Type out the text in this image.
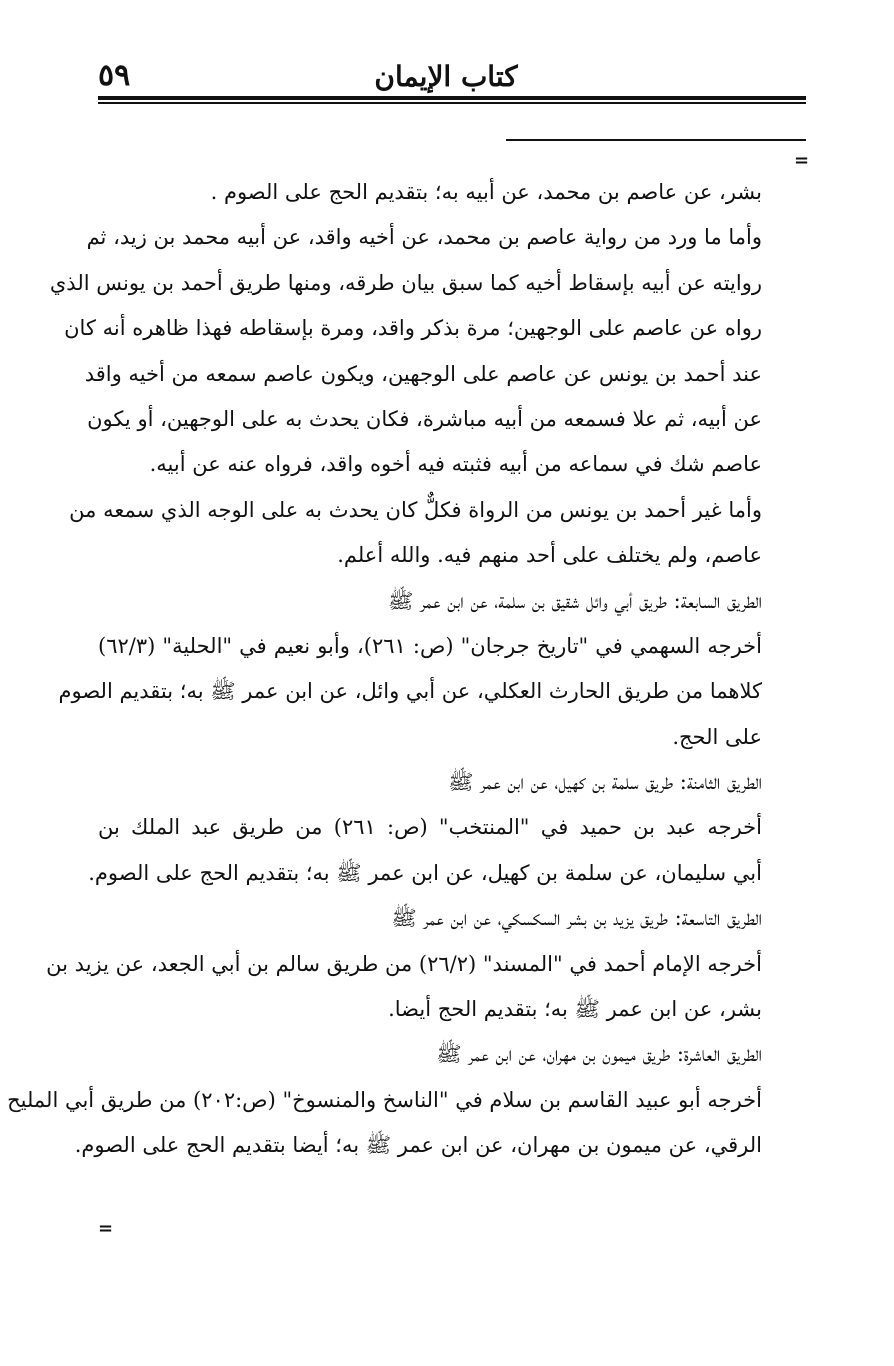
٥٩	كتاب الإيمان
=
بشر، عن عاصم بن محمد، عن أبيه به؛ بتقديم الحج على الصوم .
وأما ما ورد من رواية عاصم بن محمد، عن أخيه واقد، عن أبيه محمد بن زيد، ثم
روايته عن أبيه بإسقاط أخيه كما سبق بيان طرقه، ومنها طريق أحمد بن يونس الذي
رواه عن عاصم على الوجهين؛ مرة بذكر واقد، ومرة بإسقاطه فهذا ظاهره أنه كان
عند أحمد بن يونس عن عاصم على الوجهين، ويكون عاصم سمعه من أخيه واقد
عن أبيه، ثم علا فسمعه من أبيه مباشرة، فكان يحدث به على الوجهين، أو يكون
عاصم شك في سماعه من أبيه فثبته فيه أخوه واقد، فرواه عنه عن أبيه.
وأما غير أحمد بن يونس من الرواة فكلٌّ كان يحدث به على الوجه الذي سمعه من
عاصم، ولم يختلف على أحد منهم فيه. والله أعلم.
الطريق السابعة: طريق أبي وائل شقيق بن سلمة، عن ابن عمر ﷺ
أخرجه السهمي في "تاريخ جرجان" (ص: ٢٦١)، وأبو نعيم في "الحلية" (٦٢/٣)
كلاهما من طريق الحارث العكلي، عن أبي وائل، عن ابن عمر ﷺ به؛ بتقديم الصوم
على الحج.
الطريق الثامنة: طريق سلمة بن كهيل، عن ابن عمر ﷺ
أخرجه عبد بن حميد في "المنتخب" (ص: ٢٦١) من طريق عبد الملك بن
أبي سليمان، عن سلمة بن كهيل، عن ابن عمر ﷺ به؛ بتقديم الحج على الصوم.
الطريق التاسعة: طريق يزيد بن بشر السكسكي، عن ابن عمر ﷺ
أخرجه الإمام أحمد في "المسند" (٢٦/٢) من طريق سالم بن أبي الجعد، عن يزيد بن
بشر، عن ابن عمر ﷺ به؛ بتقديم الحج أيضا.
الطريق العاشرة: طريق ميمون بن مهران، عن ابن عمر ﷺ
أخرجه أبو عبيد القاسم بن سلام في "الناسخ والمنسوخ" (ص:٢٠٢) من طريق أبي المليح
الرقي، عن ميمون بن مهران، عن ابن عمر ﷺ به؛ أيضا بتقديم الحج على الصوم.
=
